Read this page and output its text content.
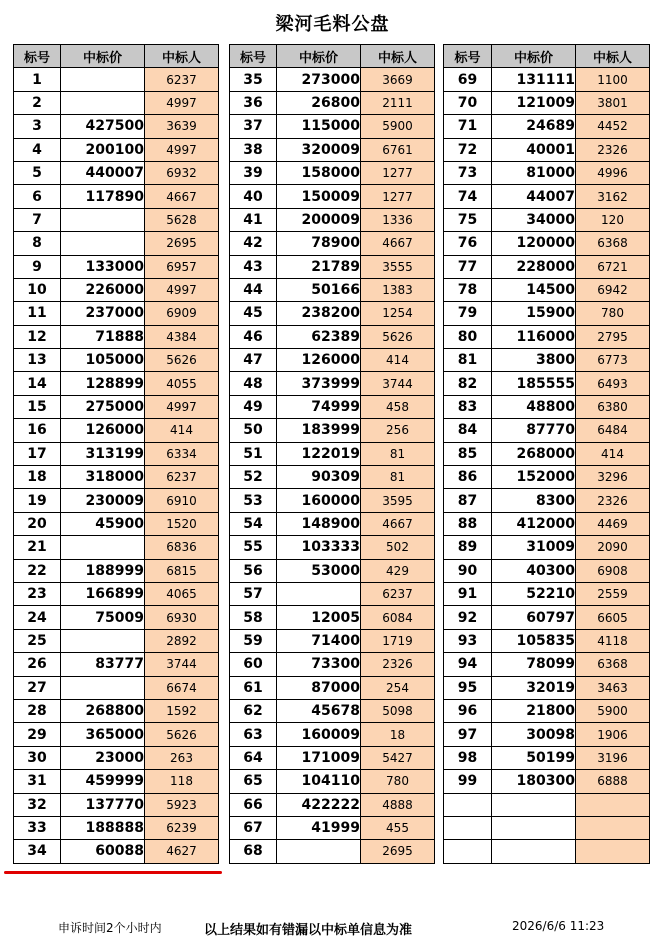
梁河毛料公盘
标号	中标价	中标人
1		6237
2		4997
3	427500	3639
4	200100	4997
5	440007	6932
6	117890	4667
7		5628
8		2695
9	133000	6957
10	226000	4997
11	237000	6909
12	71888	4384
13	105000	5626
14	128899	4055
15	275000	4997
16	126000	414
17	313199	6334
18	318000	6237
19	230009	6910
20	45900	1520
21		6836
22	188999	6815
23	166899	4065
24	75009	6930
25		2892
26	83777	3744
27		6674
28	268800	1592
29	365000	5626
30	23000	263
31	459999	118
32	137770	5923
33	188888	6239
34	60088	4627
标号	中标价	中标人
35	273000	3669
36	26800	2111
37	115000	5900
38	320009	6761
39	158000	1277
40	150009	1277
41	200009	1336
42	78900	4667
43	21789	3555
44	50166	1383
45	238200	1254
46	62389	5626
47	126000	414
48	373999	3744
49	74999	458
50	183999	256
51	122019	81
52	90309	81
53	160000	3595
54	148900	4667
55	103333	502
56	53000	429
57		6237
58	12005	6084
59	71400	1719
60	73300	2326
61	87000	254
62	45678	5098
63	160009	18
64	171009	5427
65	104110	780
66	422222	4888
67	41999	455
68		2695
标号	中标价	中标人
69	131111	1100
70	121009	3801
71	24689	4452
72	40001	2326
73	81000	4996
74	44007	3162
75	34000	120
76	120000	6368
77	228000	6721
78	14500	6942
79	15900	780
80	116000	2795
81	3800	6773
82	185555	6493
83	48800	6380
84	87770	6484
85	268000	414
86	152000	3296
87	8300	2326
88	412000	4469
89	31009	2090
90	40300	6908
91	52210	2559
92	60797	6605
93	105835	4118
94	78099	6368
95	32019	3463
96	21800	5900
97	30098	1906
98	50199	3196
99	180300	6888

申诉时间2个小时内	以上结果如有错漏以中标单信息为准	2026/6/6 11:23
